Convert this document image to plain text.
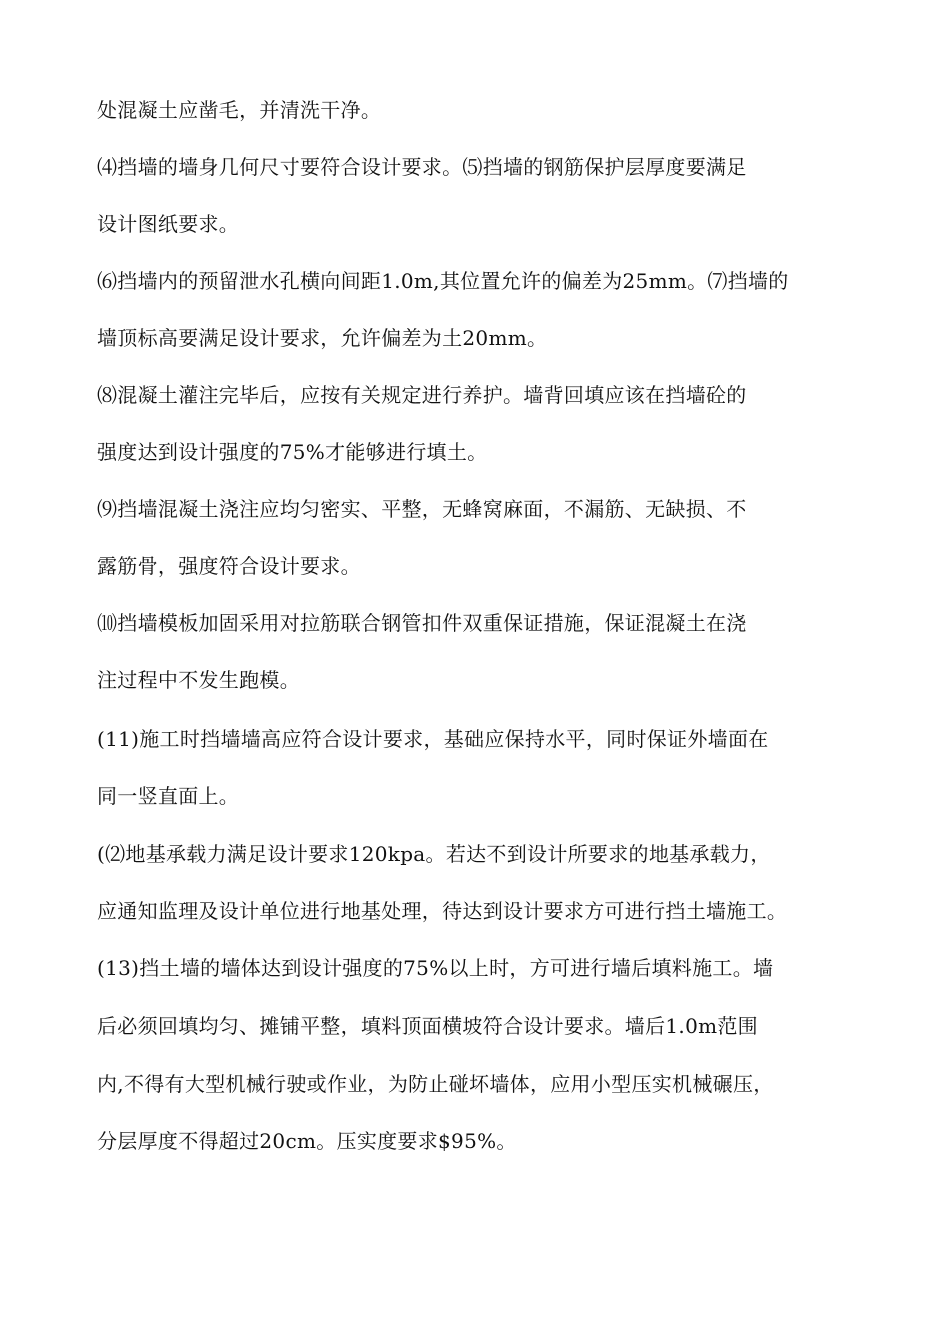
处混凝土应凿毛，并清洗干净。
⑷挡墙的墙身几何尺寸要符合设计要求。⑸挡墙的钢筋保护层厚度要满足
设计图纸要求。
⑹挡墙内的预留泄水孔横向间距1.0m,其位置允许的偏差为25mm。⑺挡墙的
墙顶标高要满足设计要求，允许偏差为土20mm。
⑻混凝土灌注完毕后，应按有关规定进行养护。墙背回填应该在挡墙砼的
强度达到设计强度的75%才能够进行填土。
⑼挡墙混凝土浇注应均匀密实、平整，无蜂窝麻面，不漏筋、无缺损、不
露筋骨，强度符合设计要求。
⑽挡墙模板加固采用对拉筋联合钢管扣件双重保证措施，保证混凝土在浇
注过程中不发生跑模。
(11)施工时挡墙墙高应符合设计要求，基础应保持水平，同时保证外墙面在
同一竖直面上。
(⑵地基承载力满足设计要求120kpa。若达不到设计所要求的地基承载力，
应通知监理及设计单位进行地基处理，待达到设计要求方可进行挡土墙施工。
(13)挡土墙的墙体达到设计强度的75%以上时，方可进行墙后填料施工。墙
后必须回填均匀、摊铺平整，填料顶面横坡符合设计要求。墙后1.0m范围
内,不得有大型机械行驶或作业，为防止碰坏墙体，应用小型压实机械碾压，
分层厚度不得超过20cm。压实度要求$95%。
